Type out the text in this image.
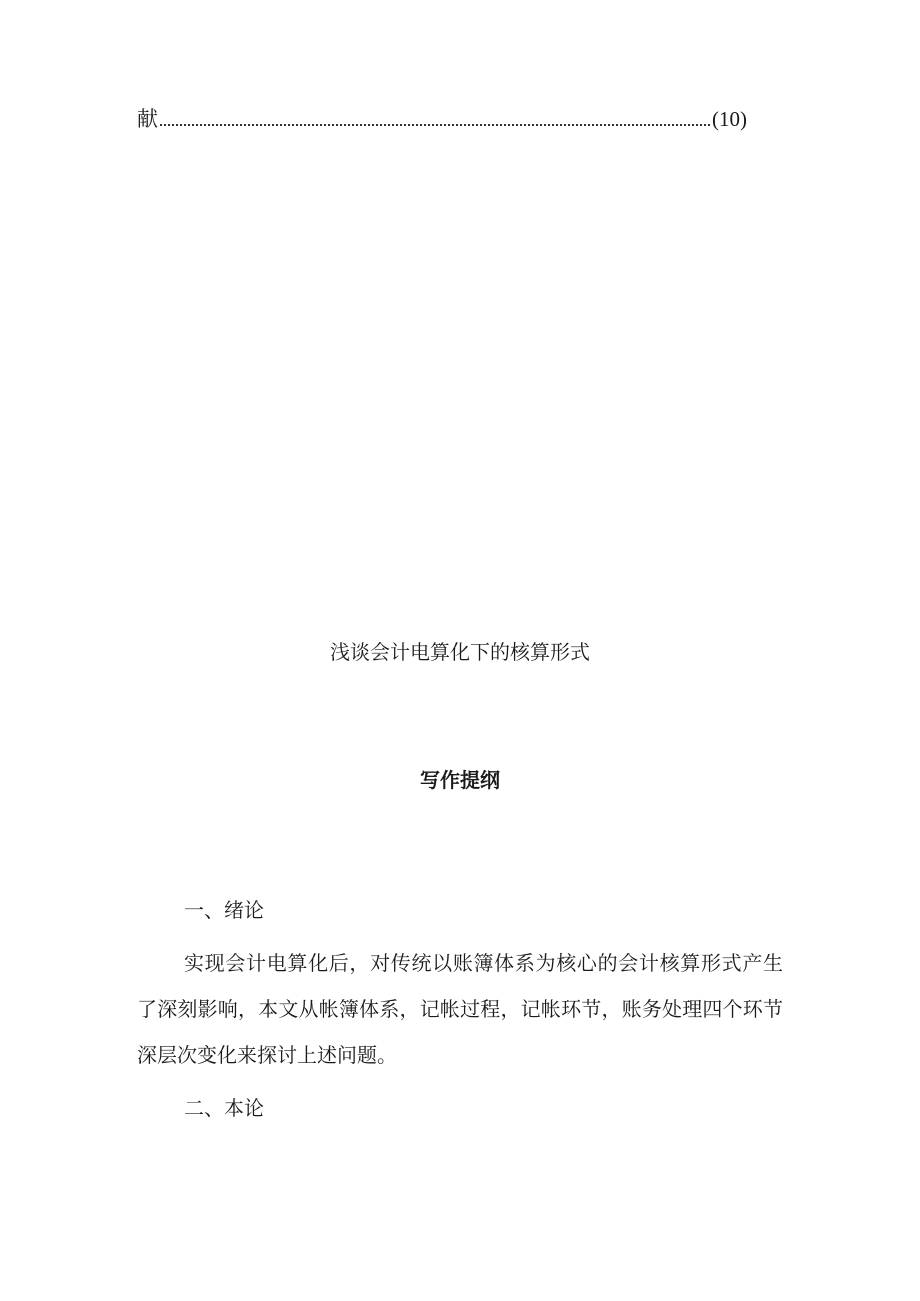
献	(10)
浅谈会计电算化下的核算形式
写作提纲
一、绪论

实现会计电算化后，对传统以账簿体系为核心的会计核算形式产生了深刻影响，本文从帐簿体系，记帐过程，记帐环节，账务处理四个环节深层次变化来探讨上述问题。

二、本论
